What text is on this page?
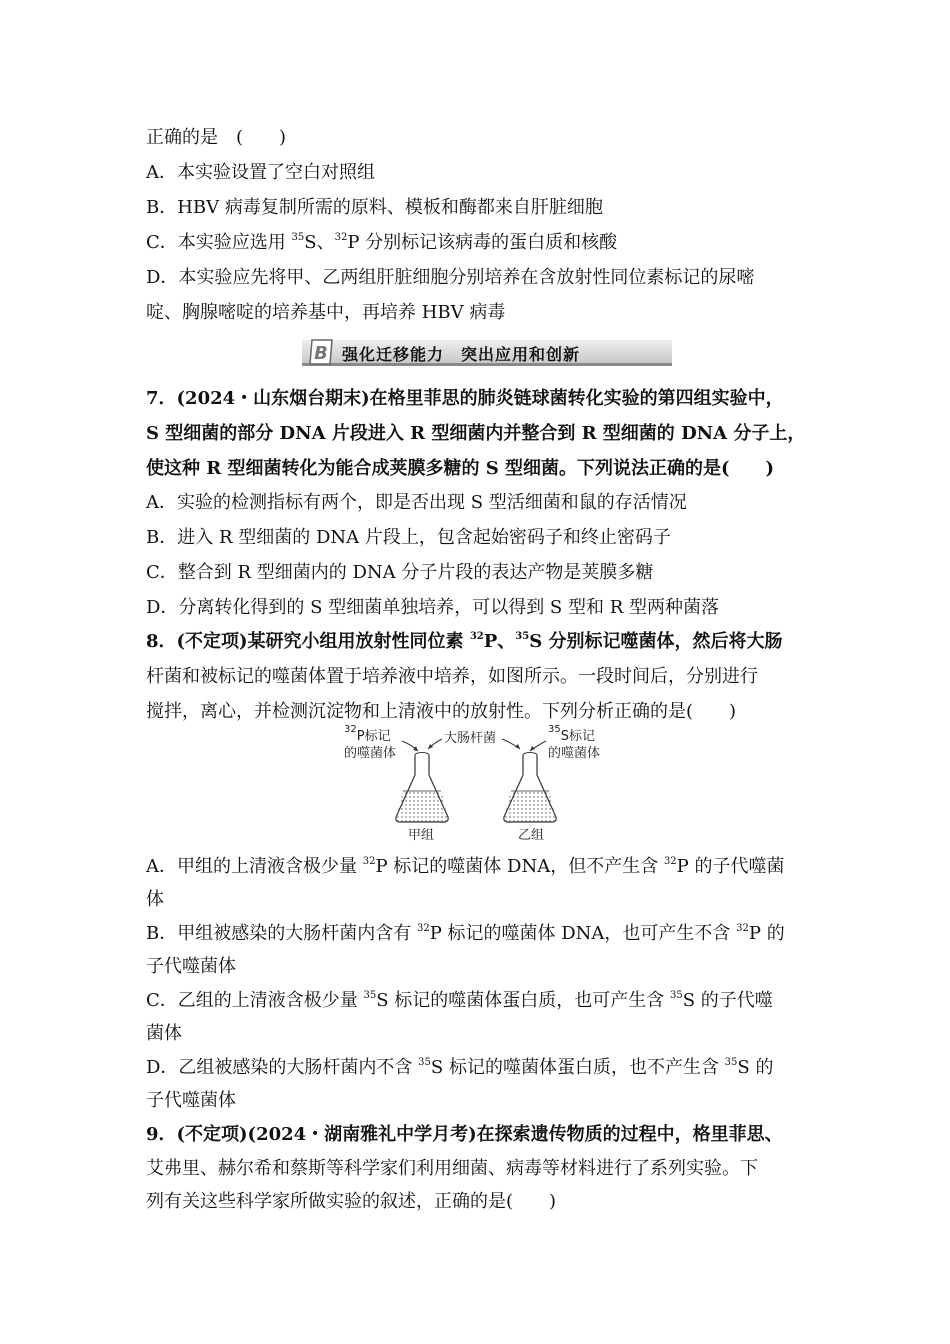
正确的是　(　　)
A．本实验设置了空白对照组
B．HBV 病毒复制所需的原料、模板和酶都来自肝脏细胞
C．本实验应选用 $^{35}$S、$^{32}$P 分别标记该病毒的蛋白质和核酸
D．本实验应先将甲、乙两组肝脏细胞分别培养在含放射性同位素标记的尿嘧
啶、胸腺嘧啶的培养基中，再培养 HBV 病毒
B 强化迁移能力　突出应用和创新
7．(2024・山东烟台期末)在格里菲思的肺炎链球菌转化实验的第四组实验中，
S 型细菌的部分 DNA 片段进入 R 型细菌内并整合到 R 型细菌的 DNA 分子上，
使这种 R 型细菌转化为能合成荚膜多糖的 S 型细菌。下列说法正确的是(　　)
A．实验的检测指标有两个，即是否出现 S 型活细菌和鼠的存活情况
B．进入 R 型细菌的 DNA 片段上，包含起始密码子和终止密码子
C．整合到 R 型细菌内的 DNA 分子片段的表达产物是荚膜多糖
D．分离转化得到的 S 型细菌单独培养，可以得到 S 型和 R 型两种菌落
8．(不定项)某研究小组用放射性同位素 $^{32}$P、$^{35}$S 分别标记噬菌体，然后将大肠
杆菌和被标记的噬菌体置于培养液中培养，如图所示。一段时间后，分别进行
搅拌，离心，并检测沉淀物和上清液中的放射性。下列分析正确的是(　　)
$^{32}$P标记
的噬菌体
大肠杆菌
$^{35}$S标记
的噬菌体
甲组	乙组
A．甲组的上清液含极少量 $^{32}$P 标记的噬菌体 DNA，但不产生含 $^{32}$P 的子代噬菌
体
B．甲组被感染的大肠杆菌内含有 $^{32}$P 标记的噬菌体 DNA，也可产生不含 $^{32}$P 的
子代噬菌体
C．乙组的上清液含极少量 $^{35}$S 标记的噬菌体蛋白质，也可产生含 $^{35}$S 的子代噬
菌体
D．乙组被感染的大肠杆菌内不含 $^{35}$S 标记的噬菌体蛋白质，也不产生含 $^{35}$S 的
子代噬菌体
9．(不定项)(2024・湖南雅礼中学月考)在探索遗传物质的过程中，格里菲思、
艾弗里、赫尔希和蔡斯等科学家们利用细菌、病毒等材料进行了系列实验。下
列有关这些科学家所做实验的叙述，正确的是(　　)
